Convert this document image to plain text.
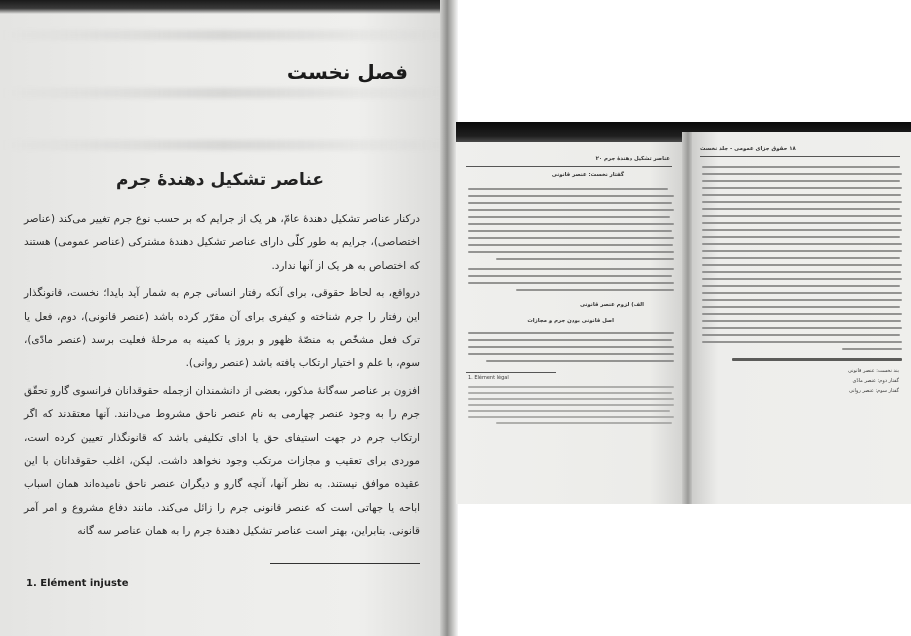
فصل نخست
عناصر تشکیل دهندهٔ جرم

درکنار عناصر تشکیل دهندهٔ عامّ، هر یک از جرایم که بر حسب نوع جرم تغییر می‌کند (عناصر اختصاصی)، جرایم به طور کلّی دارای عناصر تشکیل دهندهٔ مشترکی (عناصر عمومی) هستند که اختصاص به هر یک از آنها ندارد.

درواقع، به لحاظ حقوقی، برای آنکه رفتار انسانی جرم به شمار آید بایدا؛ نخست، قانونگذار این رفتار را جرم شناخته و کیفری برای آن مقرّر کرده باشد (عنصر قانونی)، دوم، فعل یا ترک فعل مشخّص به منصّهٔ ظهور و بروز یا کمینه به مرحلهٔ فعلیت برسد (عنصر مادّی)، سوم، با علم و اختیار ارتکاب یافته باشد (عنصر روانی).

افزون بر عناصر سه‌گانهٔ مذکور، بعضی از دانشمندان ازجمله حقوقدانان فرانسوی گارو تحقّق جرم را به وجود عنصر چهارمی به نام عنصر ناحق مشروط می‌دانند. آنها معتقدند که اگر ارتکاب جرم در جهت استیفای حق یا ادای تکلیفی باشد که قانونگذار تعیین کرده است، موردی برای تعقیب و مجازات مرتکب وجود نخواهد داشت. لیکن، اغلب حقوقدانان با این عقیده موافق نیستند. به نظر آنها، آنچه گارو و دیگران عنصر ناحق نامیده‌اند همان اسباب اباحه یا جهاتی است که عنصر قانونی جرم را زائل می‌کند. مانند دفاع مشروع و امر آمر قانونی. بنابراین، بهتر است عناصر تشکیل دهندهٔ جرم را به همان عناصر سه گانه

1. Elément injuste
عناصر تشکیل دهندهٔ جرم ۲۰
گفتار نخست: عنصر قانونی
الف) لزوم عنصر قانونی
اصل قانونی بودن جرم و مجازات
1. Elément légal
۱۸ حقوق جزای عمومی - جلد نخست
بند نخست: عنصر قانونی
گفتار دوم: عنصر مادّی
گفتار سوم: عنصر روانی
